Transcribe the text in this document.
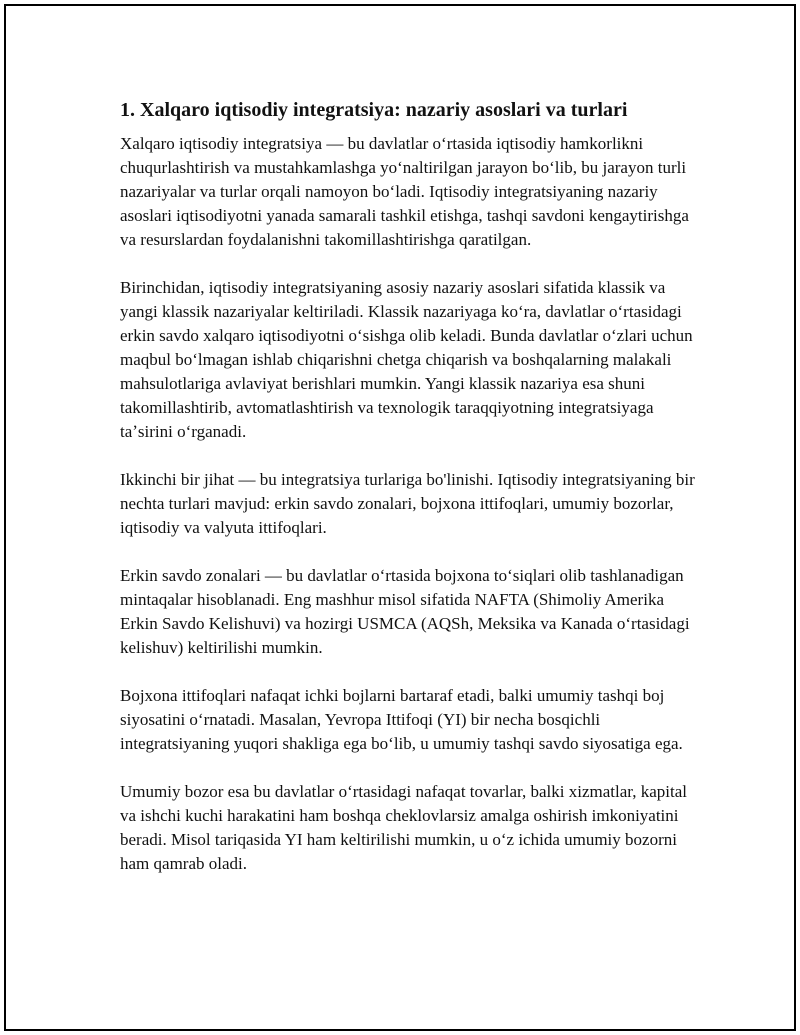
1. Xalqaro iqtisodiy integratsiya: nazariy asoslari va turlari

Xalqaro iqtisodiy integratsiya — bu davlatlar oʻrtasida iqtisodiy hamkorlikni chuqurlashtirish va mustahkamlashga yoʻnaltirilgan jarayon boʻlib, bu jarayon turli nazariyalar va turlar orqali namoyon boʻladi. Iqtisodiy integratsiyaning nazariy asoslari iqtisodiyotni yanada samarali tashkil etishga, tashqi savdoni kengaytirishga va resurslardan foydalanishni takomillashtirishga qaratilgan.

Birinchidan, iqtisodiy integratsiyaning asosiy nazariy asoslari sifatida klassik va yangi klassik nazariyalar keltiriladi. Klassik nazariyaga koʻra, davlatlar oʻrtasidagi erkin savdo xalqaro iqtisodiyotni oʻsishga olib keladi. Bunda davlatlar oʻzlari uchun maqbul boʻlmagan ishlab chiqarishni chetga chiqarish va boshqalarning malakali mahsulotlariga avlaviyat berishlari mumkin. Yangi klassik nazariya esa shuni takomillashtirib, avtomatlashtirish va texnologik taraqqiyotning integratsiyaga taʼsirini oʻrganadi.

Ikkinchi bir jihat — bu integratsiya turlariga bo'linishi. Iqtisodiy integratsiyaning bir nechta turlari mavjud: erkin savdo zonalari, bojxona ittifoqlari, umumiy bozorlar, iqtisodiy va valyuta ittifoqlari.

Erkin savdo zonalari — bu davlatlar oʻrtasida bojxona toʻsiqlari olib tashlanadigan mintaqalar hisoblanadi. Eng mashhur misol sifatida NAFTA (Shimoliy Amerika Erkin Savdo Kelishuvi) va hozirgi USMCA (AQSh, Meksika va Kanada oʻrtasidagi kelishuv) keltirilishi mumkin.

Bojxona ittifoqlari nafaqat ichki bojlarni bartaraf etadi, balki umumiy tashqi boj siyosatini oʻrnatadi. Masalan, Yevropa Ittifoqi (YI) bir necha bosqichli integratsiyaning yuqori shakliga ega boʻlib, u umumiy tashqi savdo siyosatiga ega.

Umumiy bozor esa bu davlatlar oʻrtasidagi nafaqat tovarlar, balki xizmatlar, kapital va ishchi kuchi harakatini ham boshqa cheklovlarsiz amalga oshirish imkoniyatini beradi. Misol tariqasida YI ham keltirilishi mumkin, u oʻz ichida umumiy bozorni ham qamrab oladi.
